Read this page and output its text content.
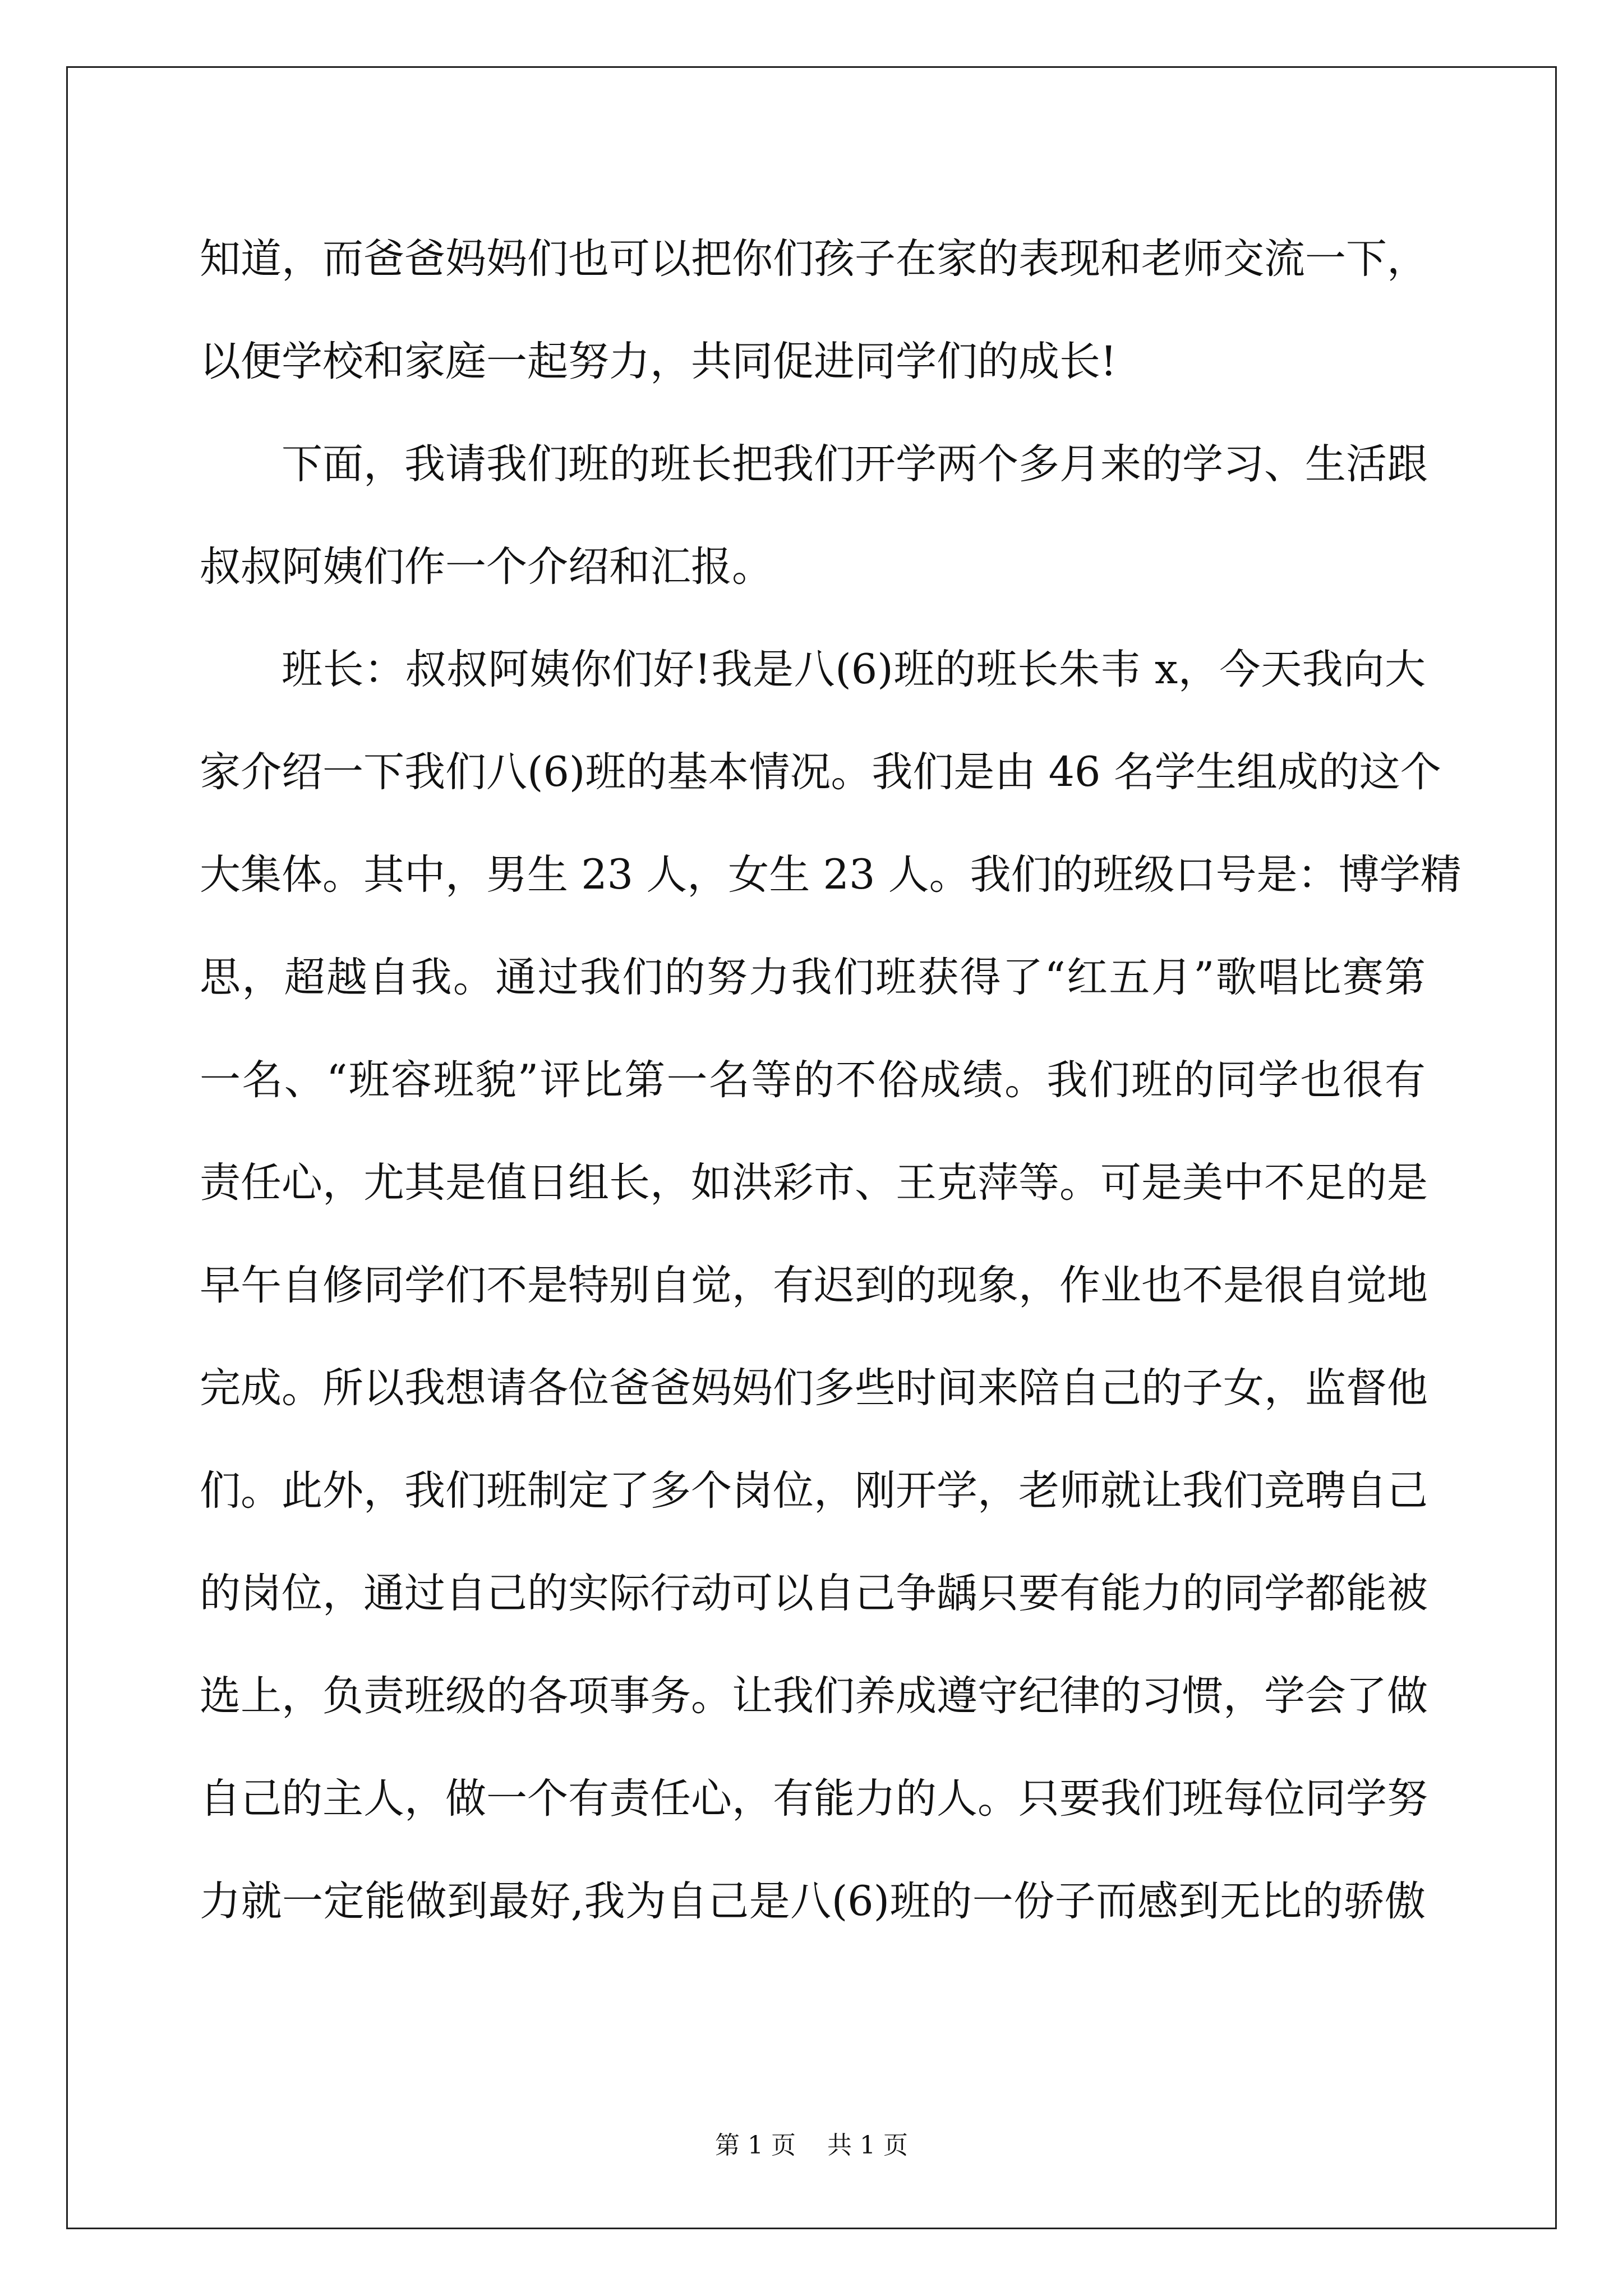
知道，而爸爸妈妈们也可以把你们孩子在家的表现和老师交流一下，
以便学校和家庭一起努力，共同促进同学们的成长!
下面，我请我们班的班长把我们开学两个多月来的学习、生活跟
叔叔阿姨们作一个介绍和汇报。
班长：叔叔阿姨你们好!我是八(6)班的班长朱韦 x，今天我向大
家介绍一下我们八(6)班的基本情况。我们是由 46 名学生组成的这个
大集体。其中，男生 23 人，女生 23 人。我们的班级口号是：博学精
思，超越自我。通过我们的努力我们班获得了“红五月”歌唱比赛第
一名、“班容班貌”评比第一名等的不俗成绩。我们班的同学也很有
责任心，尤其是值日组长，如洪彩市、王克萍等。可是美中不足的是
早午自修同学们不是特别自觉，有迟到的现象，作业也不是很自觉地
完成。所以我想请各位爸爸妈妈们多些时间来陪自己的子女，监督他
们。此外，我们班制定了多个岗位，刚开学，老师就让我们竞聘自己
的岗位，通过自己的实际行动可以自己争龋只要有能力的同学都能被
选上，负责班级的各项事务。让我们养成遵守纪律的习惯，学会了做
自己的主人，做一个有责任心，有能力的人。只要我们班每位同学努
力就一定能做到最好,我为自己是八(6)班的一份子而感到无比的骄傲
第 1 页 共 1 页
